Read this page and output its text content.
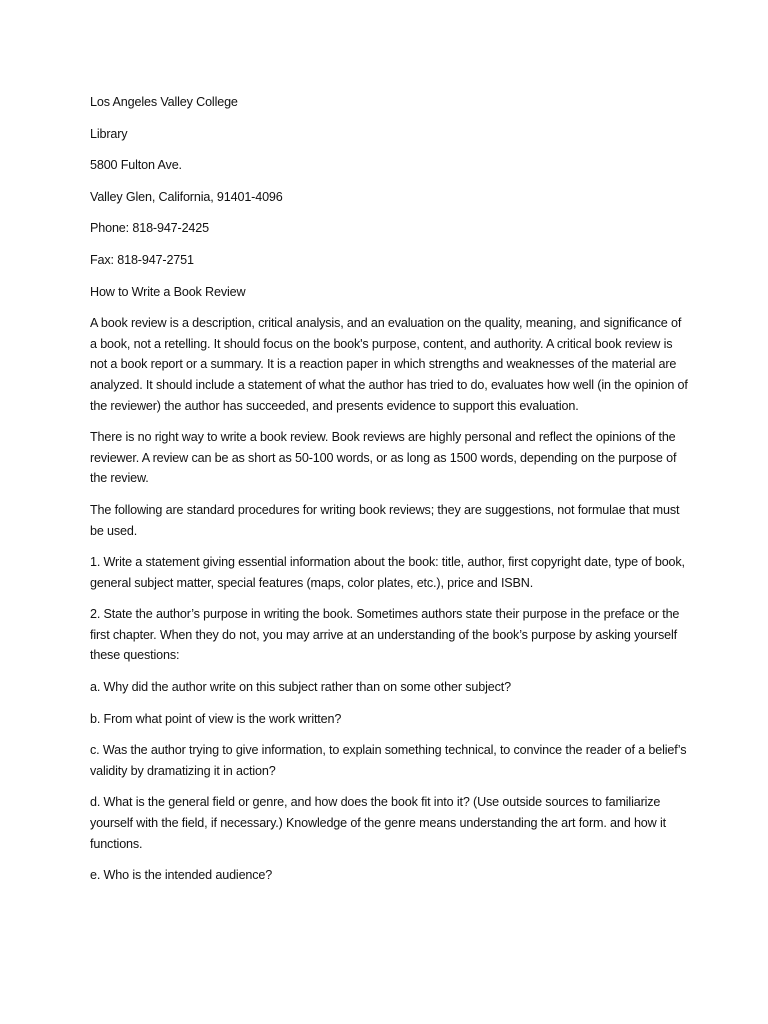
Los Angeles Valley College

Library

5800 Fulton Ave.

Valley Glen, California, 91401-4096

Phone: 818-947-2425

Fax: 818-947-2751

How to Write a Book Review

A book review is a description, critical analysis, and an evaluation on the quality, meaning, and significance of a book, not a retelling. It should focus on the book's purpose, content, and authority. A critical book review is not a book report or a summary. It is a reaction paper in which strengths and weaknesses of the material are analyzed. It should include a statement of what the author has tried to do, evaluates how well (in the opinion of the reviewer) the author has succeeded, and presents evidence to support this evaluation.

There is no right way to write a book review. Book reviews are highly personal and reflect the opinions of the reviewer. A review can be as short as 50-100 words, or as long as 1500 words, depending on the purpose of the review.

The following are standard procedures for writing book reviews; they are suggestions, not formulae that must be used.

1. Write a statement giving essential information about the book: title, author, first copyright date, type of book, general subject matter, special features (maps, color plates, etc.), price and ISBN.

2. State the author’s purpose in writing the book. Sometimes authors state their purpose in the preface or the first chapter. When they do not, you may arrive at an understanding of the book’s purpose by asking yourself these questions:

a. Why did the author write on this subject rather than on some other subject?

b. From what point of view is the work written?

c. Was the author trying to give information, to explain something technical, to convince the reader of a belief’s validity by dramatizing it in action?

d. What is the general field or genre, and how does the book fit into it? (Use outside sources to familiarize yourself with the field, if necessary.) Knowledge of the genre means understanding the art form. and how it functions.

e. Who is the intended audience?
